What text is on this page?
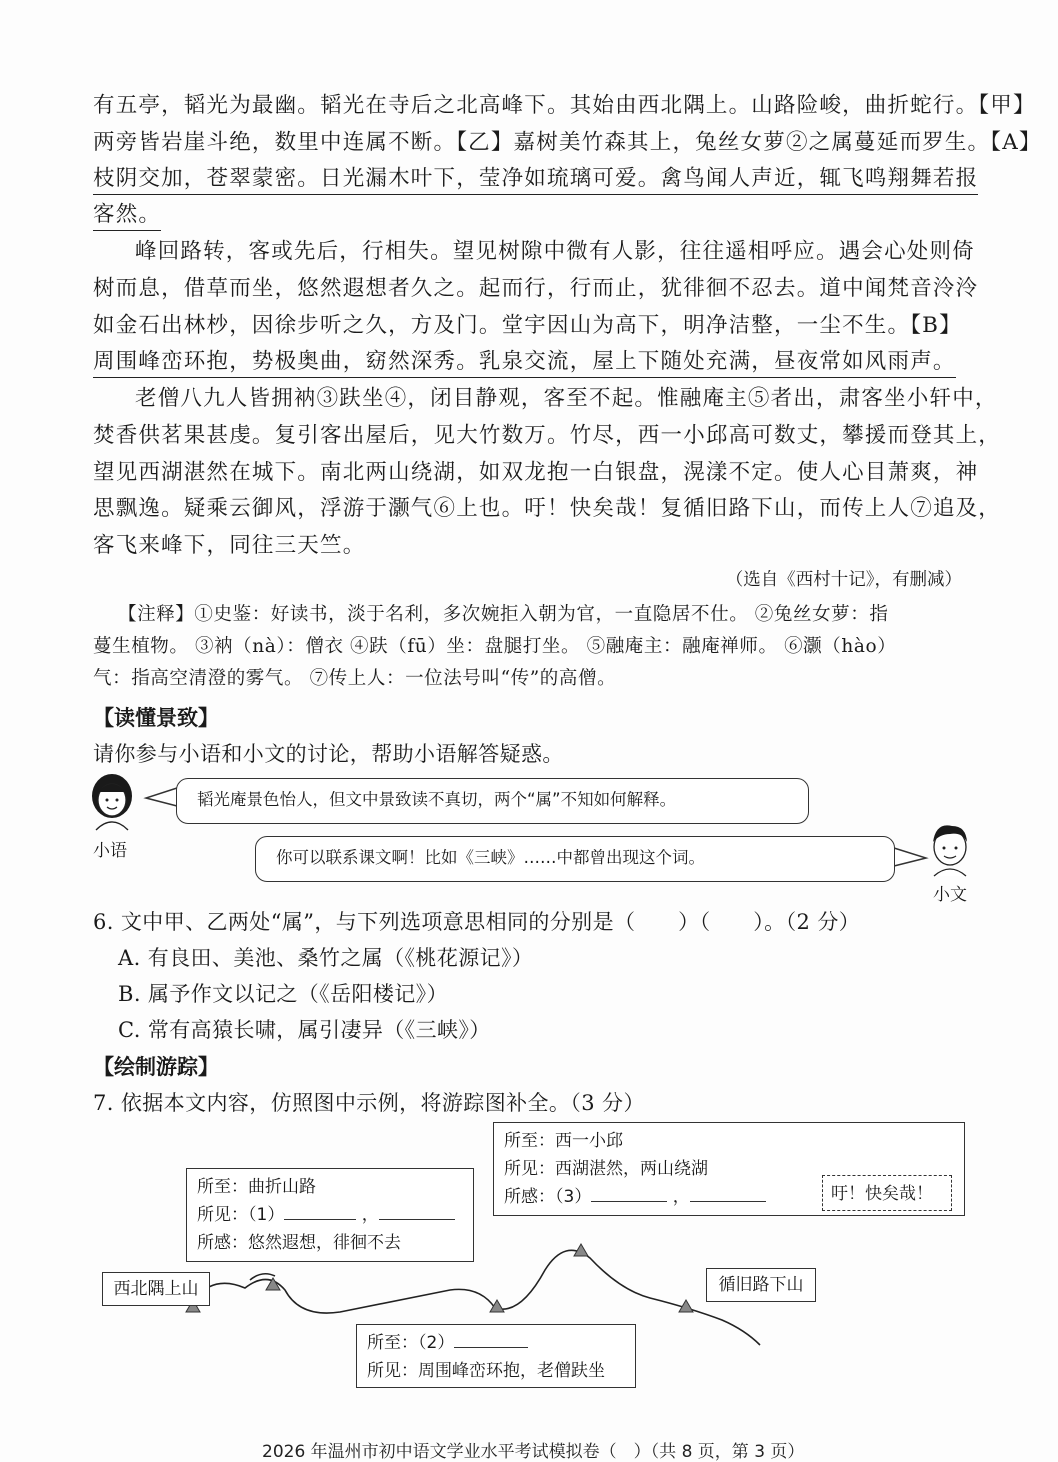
有五亭，韬光为最幽。韬光在寺后之北高峰下。其始由西北隅上。山路险峻，曲折蛇行。【甲】
两旁皆岩崖斗绝，数里中连属不断。【乙】嘉树美竹森其上，兔丝女萝②之属蔓延而罗生。【A】
枝阴交加，苍翠蒙密。日光漏木叶下，莹净如琉璃可爱。禽鸟闻人声近，辄飞鸣翔舞若报
客然。
峰回路转，客或先后，行相失。望见树隙中微有人影，往往遥相呼应。遇会心处则倚
树而息，借草而坐，悠然遐想者久之。起而行，行而止，犹徘徊不忍去。道中闻梵音泠泠
如金石出林杪，因徐步听之久，方及门。堂宇因山为高下，明净洁整，一尘不生。【B】
周围峰峦环抱，势极奥曲，窈然深秀。乳泉交流，屋上下随处充满，昼夜常如风雨声。
老僧八九人皆拥衲③趺坐④，闭目静观，客至不起。惟融庵主⑤者出，肃客坐小轩中，
焚香供茗果甚虔。复引客出屋后，见大竹数万。竹尽，西一小邱高可数丈，攀援而登其上，
望见西湖湛然在城下。南北两山绕湖，如双龙抱一白银盘，滉漾不定。使人心目萧爽，神
思飘逸。疑乘云御风，浮游于灏气⑥上也。吁！快矣哉！复循旧路下山，而传上人⑦追及，
客飞来峰下，同往三天竺。
（选自《西村十记》，有删减）
【注释】①史鉴：好读书，淡于名利，多次婉拒入朝为官，一直隐居不仕。 ②兔丝女萝：指
蔓生植物。 ③衲（nà）：僧衣 ④趺（fū）坐：盘腿打坐。 ⑤融庵主：融庵禅师。 ⑥灏（hào）
气：指高空清澄的雾气。 ⑦传上人：一位法号叫“传”的高僧。
【读懂景致】
请你参与小语和小文的讨论，帮助小语解答疑惑。
韬光庵景色怡人，但文中景致读不真切，两个“属”不知如何解释。
小语	你可以联系课文啊！比如《三峡》……中都曾出现这个词。
小文
6. 文中甲、乙两处“属”，与下列选项意思相同的分别是（　　）（　　）。（2 分）
A. 有良田、美池、桑竹之属（《桃花源记》）
B. 属予作文以记之（《岳阳楼记》）
C. 常有高猿长啸，属引凄异（《三峡》）
【绘制游踪】
7. 依据本文内容，仿照图中示例，将游踪图补全。（3 分）
所至：曲折山路
所见：（1）	，
所感：悠然遐想，徘徊不去
所至：西一小邱
所见：西湖湛然，两山绕湖
所感：（3）	，	吁！快矣哉！
西北隅上山	循旧路下山
所至：（2）
所见：周围峰峦环抱，老僧趺坐
2026 年温州市初中语文学业水平考试模拟卷（　）（共 8 页，第 3 页）
